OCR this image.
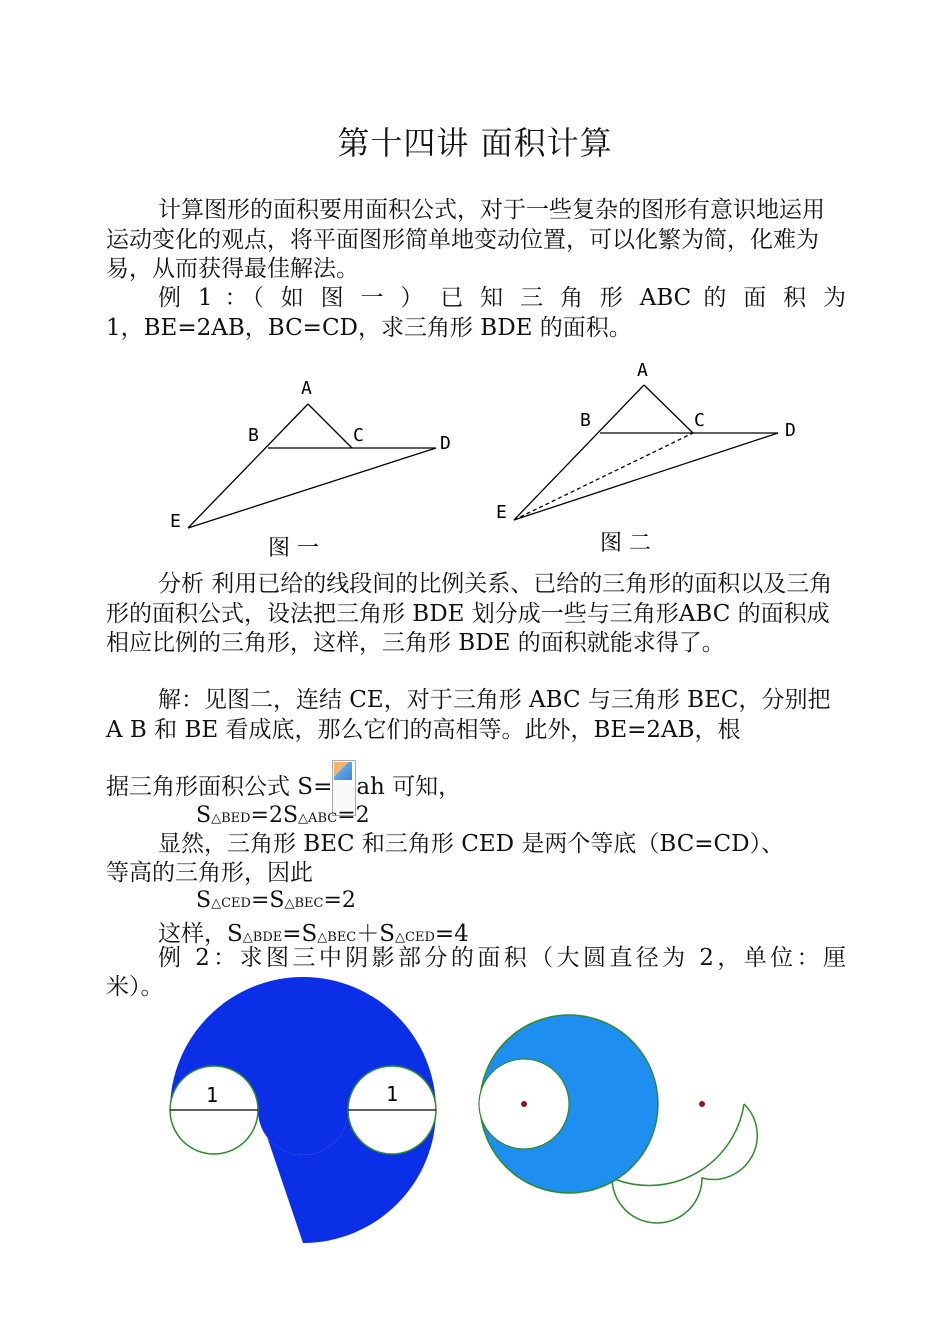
第十四讲 面积计算
计算图形的面积要用面积公式，对于一些复杂的图形有意识地运用运动变化的观点，将平面图形简单地变动位置，可以化繁为简，化难为易，从而获得最佳解法。
例 1 ：（ 如 图 一 ） 已 知 三 角 形 ABC 的 面 积 为
1，BE=2AB，BC=CD，求三角形 BDE 的面积。
A
B	C	D
E
图 一
A
B	C	D
E
图 二
分析 利用已给的线段间的比例关系、已给的三角形的面积以及三角形的面积公式，设法把三角形 BDE 划分成一些与三角形ABC 的面积成相应比例的三角形，这样，三角形 BDE 的面积就能求得了。
解：见图二，连结 CE，对于三角形 ABC 与三角形 BEC，分别把 A B 和 BE 看成底，那么它们的高相等。此外，BE=2AB，根
据三角形面积公式 S= ah 可知，
S△BED=2S△ABC=2
显然，三角形 BEC 和三角形 CED 是两个等底（BC=CD）、
等高的三角形，因此
S△CED=S△BEC=2
这样，S△BDE=S△BEC＋S△CED=4
例 2：求图三中阴影部分的面积（大圆直径为 2，单位：厘
米）。
1	1
